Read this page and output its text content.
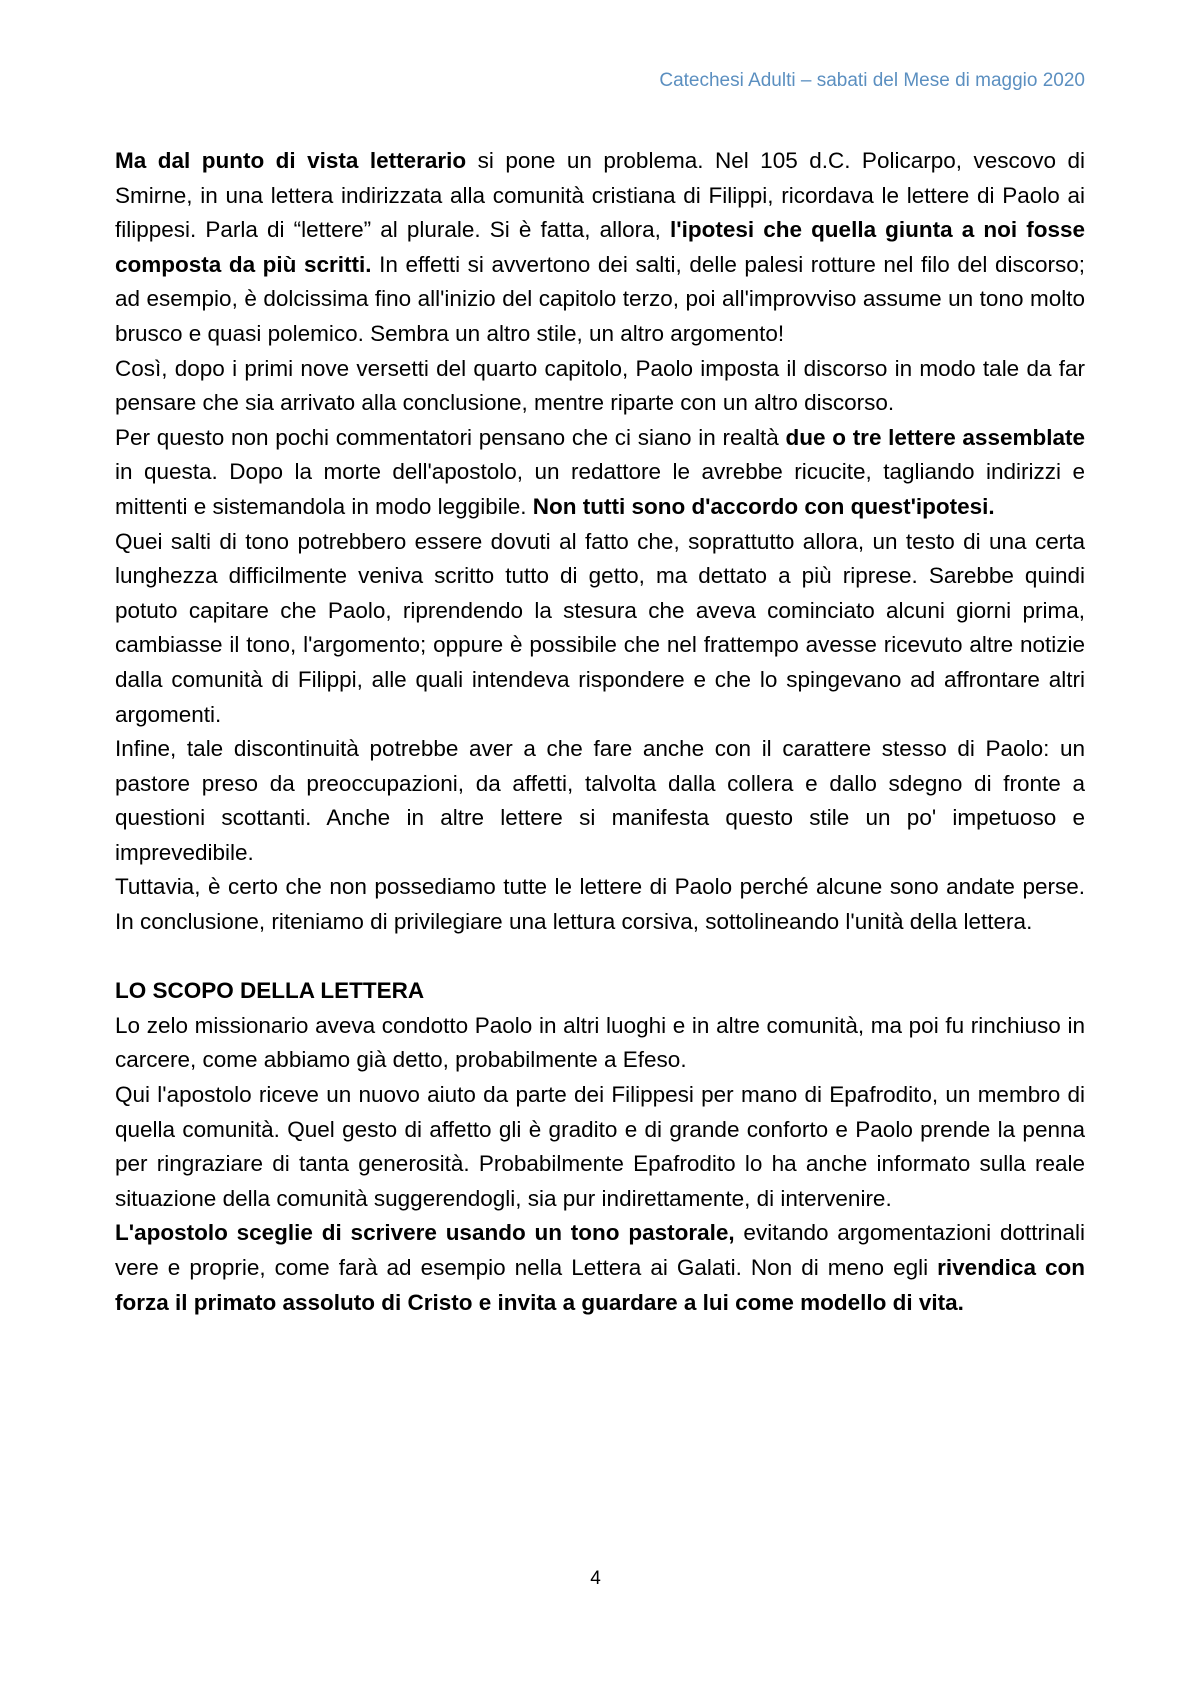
Catechesi Adulti – sabati del Mese di maggio 2020

Ma dal punto di vista letterario si pone un problema. Nel 105 d.C. Policarpo, vescovo di Smirne, in una lettera indirizzata alla comunità cristiana di Filippi, ricordava le lettere di Paolo ai filippesi. Parla di “lettere” al plurale. Si è fatta, allora, l'ipotesi che quella giunta a noi fosse composta da più scritti. In effetti si avvertono dei salti, delle palesi rotture nel filo del discorso; ad esempio, è dolcissima fino all'inizio del capitolo terzo, poi all'improvviso assume un tono molto brusco e quasi polemico. Sembra un altro stile, un altro argomento!

Così, dopo i primi nove versetti del quarto capitolo, Paolo imposta il discorso in modo tale da far pensare che sia arrivato alla conclusione, mentre riparte con un altro discorso.

Per questo non pochi commentatori pensano che ci siano in realtà due o tre lettere assemblate in questa. Dopo la morte dell'apostolo, un redattore le avrebbe ricucite, tagliando indirizzi e mittenti e sistemandola in modo leggibile. Non tutti sono d'accordo con quest'ipotesi.

Quei salti di tono potrebbero essere dovuti al fatto che, soprattutto allora, un testo di una certa lunghezza difficilmente veniva scritto tutto di getto, ma dettato a più riprese. Sarebbe quindi potuto capitare che Paolo, riprendendo la stesura che aveva cominciato alcuni giorni prima, cambiasse il tono, l'argomento; oppure è possibile che nel frattempo avesse ricevuto altre notizie dalla comunità di Filippi, alle quali intendeva rispondere e che lo spingevano ad affrontare altri argomenti.

Infine, tale discontinuità potrebbe aver a che fare anche con il carattere stesso di Paolo: un pastore preso da preoccupazioni, da affetti, talvolta dalla collera e dallo sdegno di fronte a questioni scottanti. Anche in altre lettere si manifesta questo stile un po' impetuoso e imprevedibile.

Tuttavia, è certo che non possediamo tutte le lettere di Paolo perché alcune sono andate perse. In conclusione, riteniamo di privilegiare una lettura corsiva, sottolineando l'unità della lettera.

LO SCOPO DELLA LETTERA

Lo zelo missionario aveva condotto Paolo in altri luoghi e in altre comunità, ma poi fu rinchiuso in carcere, come abbiamo già detto, probabilmente a Efeso.

Qui l'apostolo riceve un nuovo aiuto da parte dei Filippesi per mano di Epafrodito, un membro di quella comunità. Quel gesto di affetto gli è gradito e di grande conforto e Paolo prende la penna per ringraziare di tanta generosità. Probabilmente Epafrodito lo ha anche informato sulla reale situazione della comunità suggerendogli, sia pur indirettamente, di intervenire.

L'apostolo sceglie di scrivere usando un tono pastorale, evitando argomentazioni dottrinali vere e proprie, come farà ad esempio nella Lettera ai Galati. Non di meno egli rivendica con forza il primato assoluto di Cristo e invita a guardare a lui come modello di vita.

4
